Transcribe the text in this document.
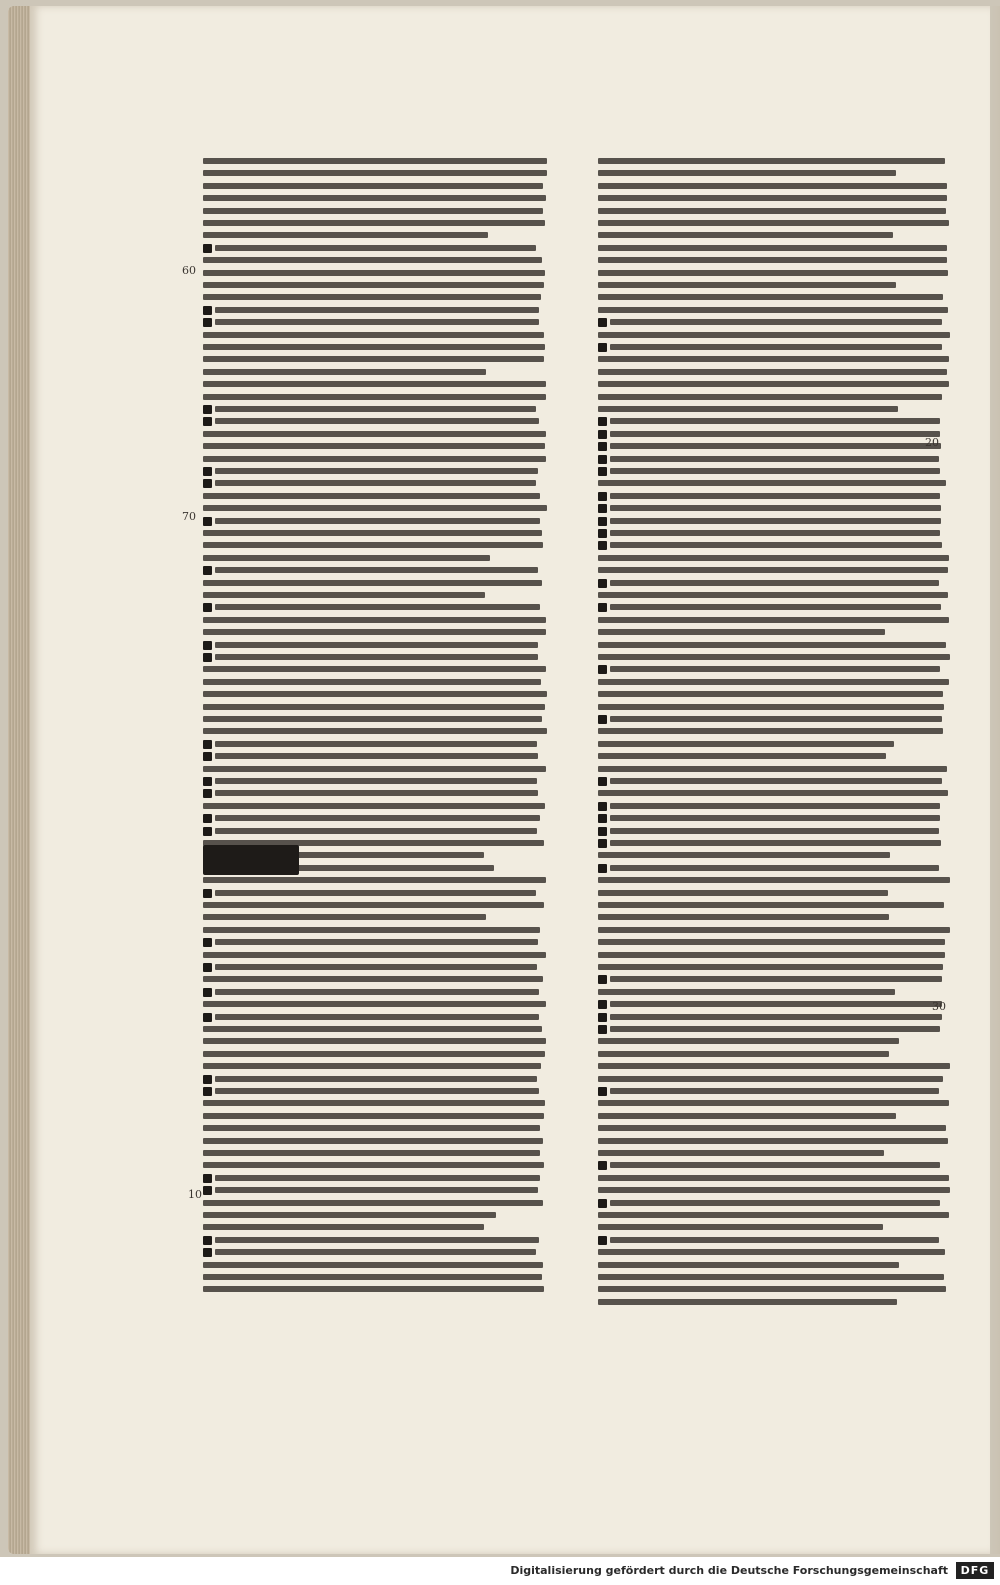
60
70
10
20
30
Digitalisierung gefördert durch die Deutsche Forschungsgemeinschaft	DFG
